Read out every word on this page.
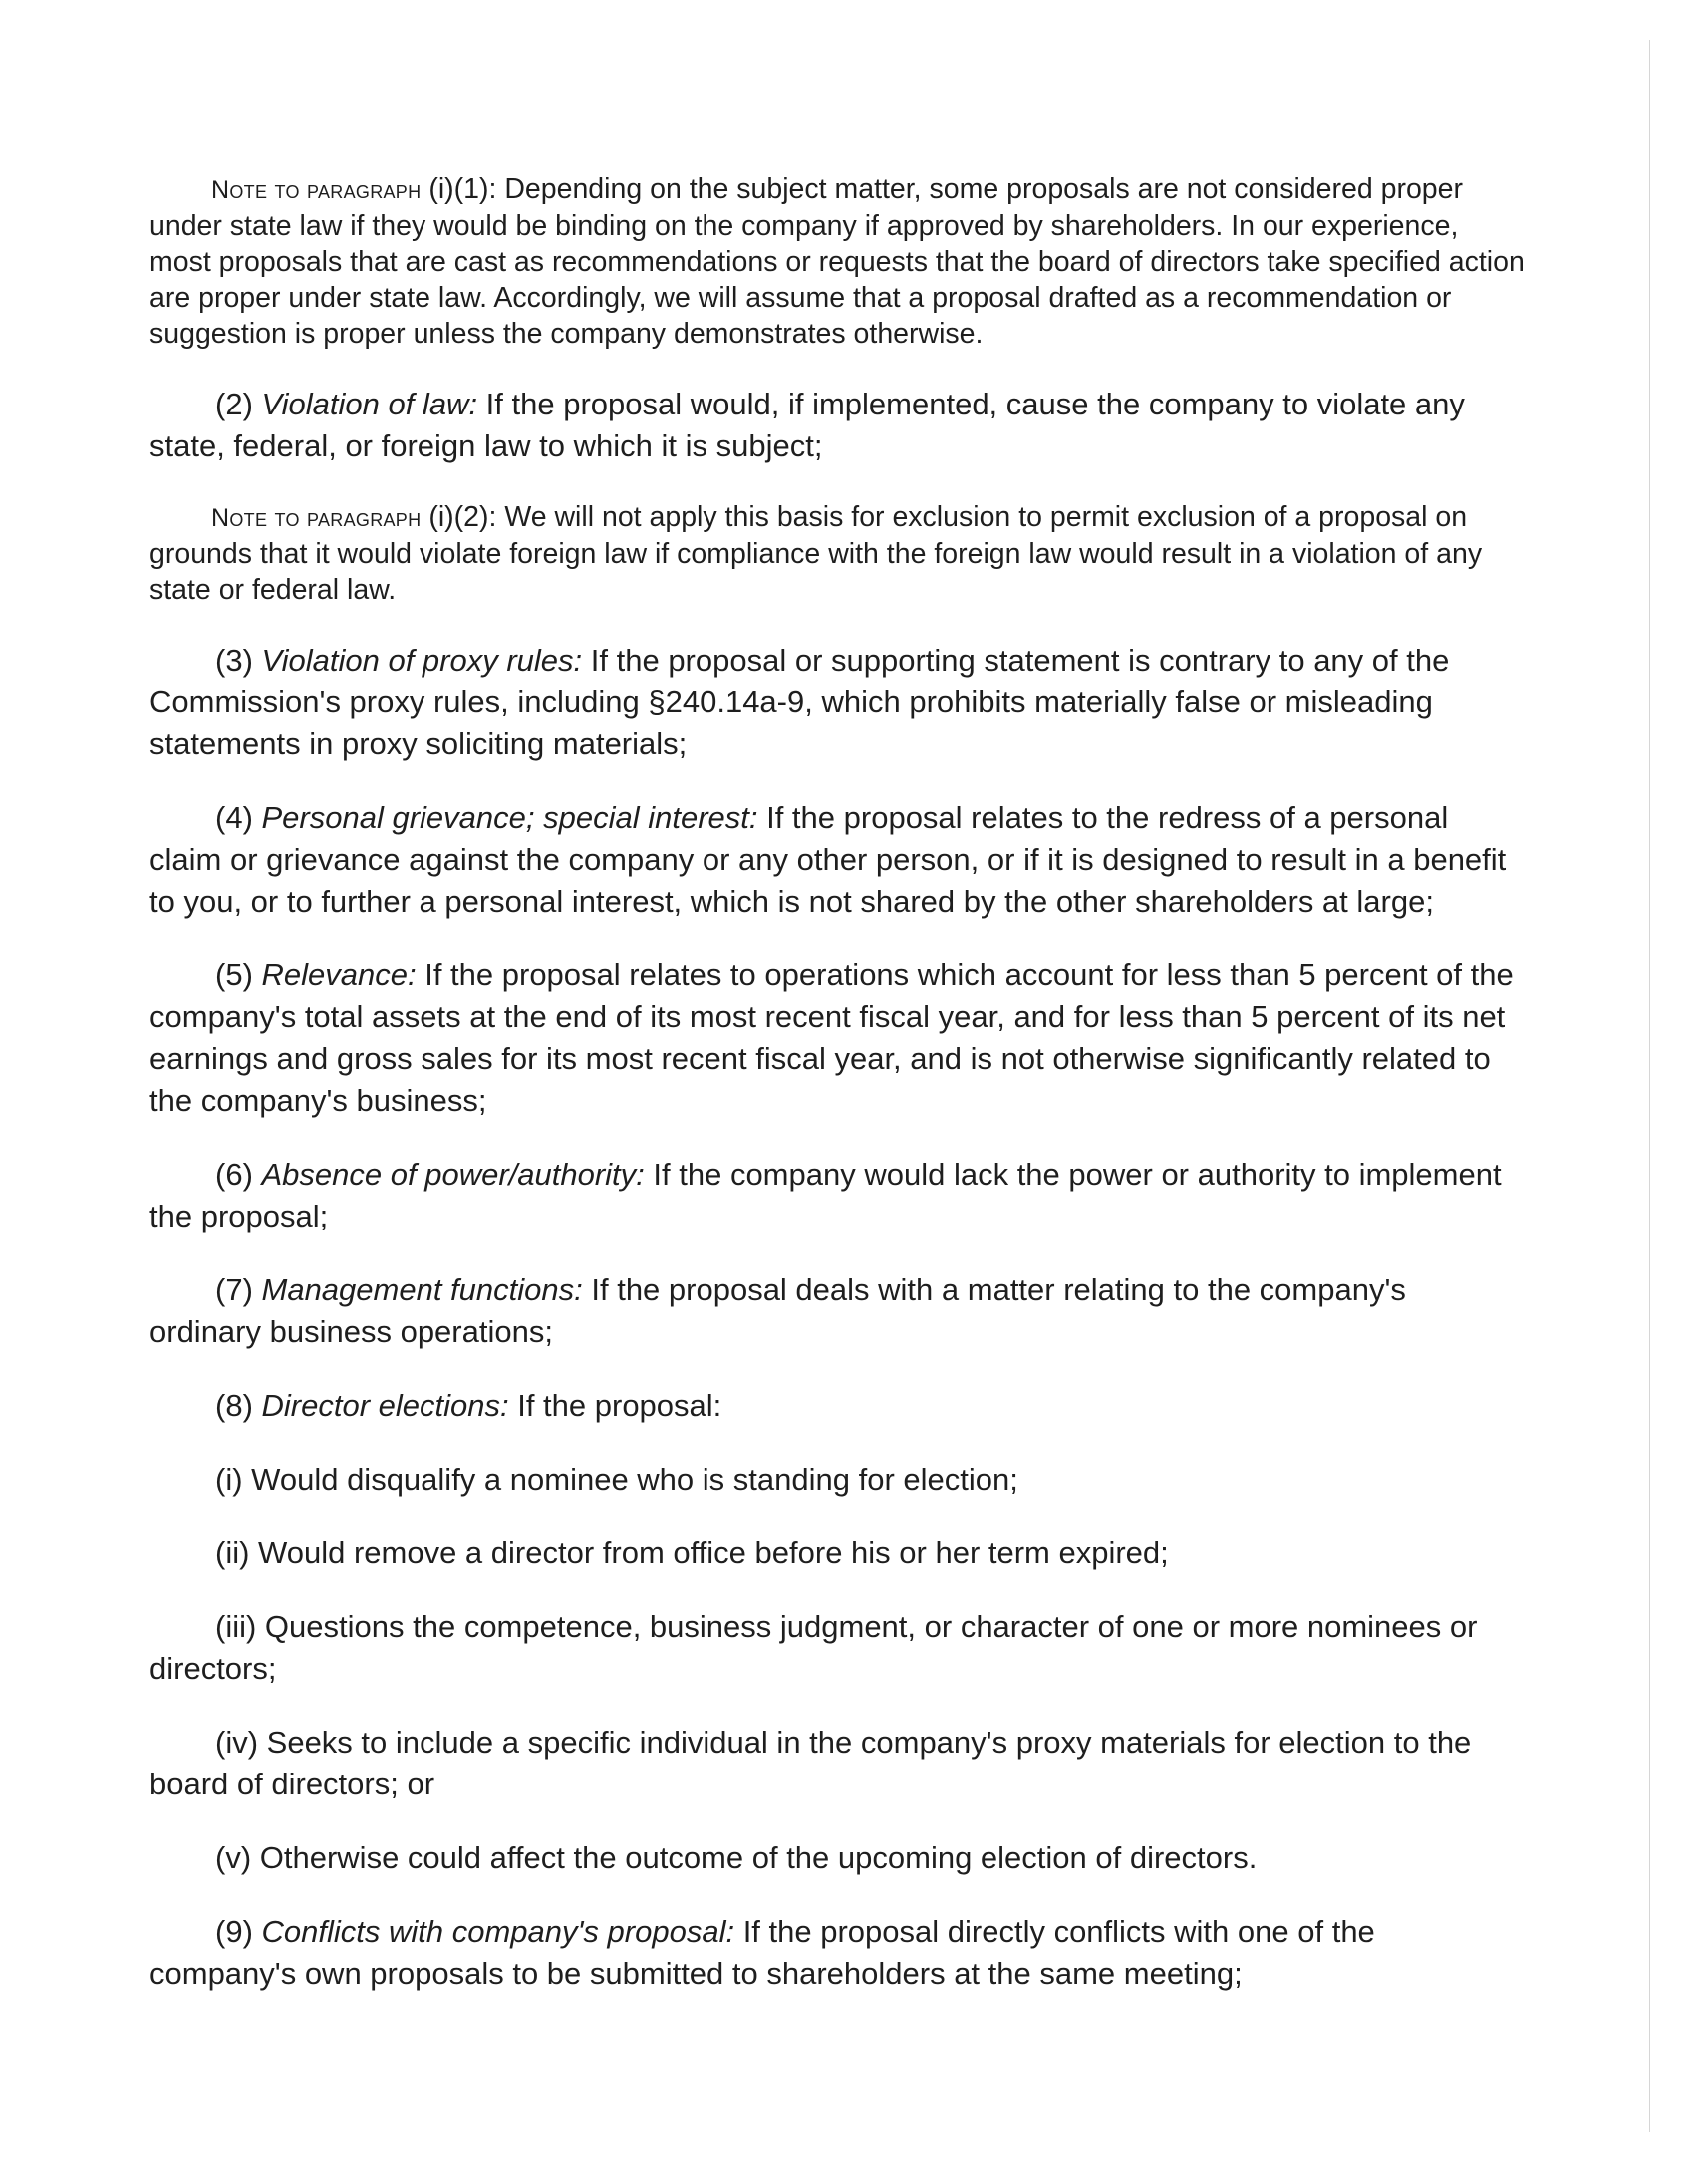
Note to paragraph (i)(1): Depending on the subject matter, some proposals are not considered proper under state law if they would be binding on the company if approved by shareholders. In our experience, most proposals that are cast as recommendations or requests that the board of directors take specified action are proper under state law. Accordingly, we will assume that a proposal drafted as a recommendation or suggestion is proper unless the company demonstrates otherwise.

(2) Violation of law: If the proposal would, if implemented, cause the company to violate any state, federal, or foreign law to which it is subject;

Note to paragraph (i)(2): We will not apply this basis for exclusion to permit exclusion of a proposal on grounds that it would violate foreign law if compliance with the foreign law would result in a violation of any state or federal law.

(3) Violation of proxy rules: If the proposal or supporting statement is contrary to any of the Commission's proxy rules, including §240.14a-9, which prohibits materially false or misleading statements in proxy soliciting materials;

(4) Personal grievance; special interest: If the proposal relates to the redress of a personal claim or grievance against the company or any other person, or if it is designed to result in a benefit to you, or to further a personal interest, which is not shared by the other shareholders at large;

(5) Relevance: If the proposal relates to operations which account for less than 5 percent of the company's total assets at the end of its most recent fiscal year, and for less than 5 percent of its net earnings and gross sales for its most recent fiscal year, and is not otherwise significantly related to the company's business;

(6) Absence of power/authority: If the company would lack the power or authority to implement the proposal;

(7) Management functions: If the proposal deals with a matter relating to the company's ordinary business operations;

(8) Director elections: If the proposal:

(i) Would disqualify a nominee who is standing for election;

(ii) Would remove a director from office before his or her term expired;

(iii) Questions the competence, business judgment, or character of one or more nominees or directors;

(iv) Seeks to include a specific individual in the company's proxy materials for election to the board of directors; or

(v) Otherwise could affect the outcome of the upcoming election of directors.

(9) Conflicts with company's proposal: If the proposal directly conflicts with one of the company's own proposals to be submitted to shareholders at the same meeting;
